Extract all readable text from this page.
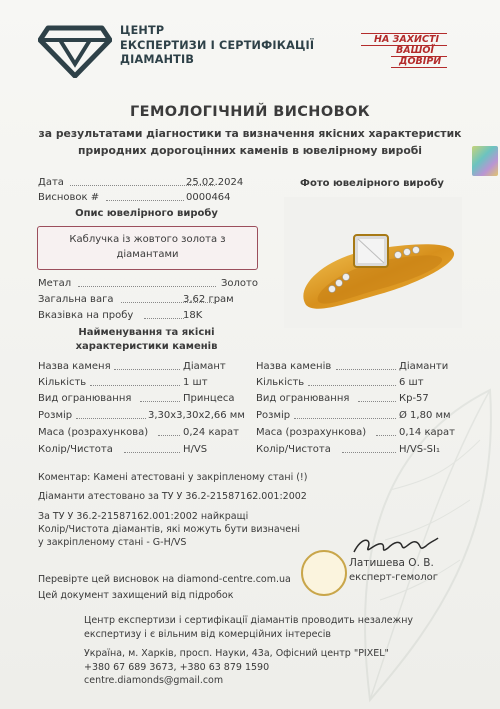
ЦЕНТР
ЕКСПЕРТИЗИ І СЕРТИФІКАЦІЇ
ДІАМАНТІВ
НА ЗАХИСТІ
ВАШОЇ
ДОВІРИ
ГЕМОЛОГІЧНИЙ ВИСНОВОК
за результатами діагностики та визначення якісних характеристик
природних дорогоцінних каменів в ювелірному виробі
Дата	25.02.2024
Висновок #	0000464
Опис ювелірного виробу
Каблучка із жовтого золота з
діамантами
Фото ювелірного виробу
Метал	Золото
Загальна вага	3,62 грам
Вказівка на пробу	18K
Найменування та якісні
характеристики каменів
Назва каменя	Діамант
Кількість	1 шт
Вид огранювання	Принцеса
Розмір	3,30x3,30x2,66 мм
Маса (розрахункова)	0,24 карат
Колір/Чистота	H/VS
Назва каменів	Діаманти
Кількість	6 шт
Вид огранювання	Кр-57
Розмір	Ø 1,80 мм
Маса (розрахункова)	0,14 карат
Колір/Чистота	H/VS-SI₁
Коментар: Камені атестовані у закріпленому стані (!)
Діаманти атестовано за ТУ У 36.2-21587162.001:2002
За ТУ У 36.2-21587162.001:2002 найкращі
Колір/Чистота діамантів, які можуть бути визначені
у закріпленому стані - G-H/VS
Латишева О. В.
експерт-гемолог
Перевірте цей висновок на diamond-centre.com.ua
Цей документ захищений від підробок
Центр експертизи і сертифікації діамантів проводить незалежну
експертизу і є вільним від комерційних інтересів
Україна, м. Харків, просп. Науки, 43а, Офісний центр "PIXEL"
+380 67 689 3673, +380 63 879 1590
centre.diamonds@gmail.com
